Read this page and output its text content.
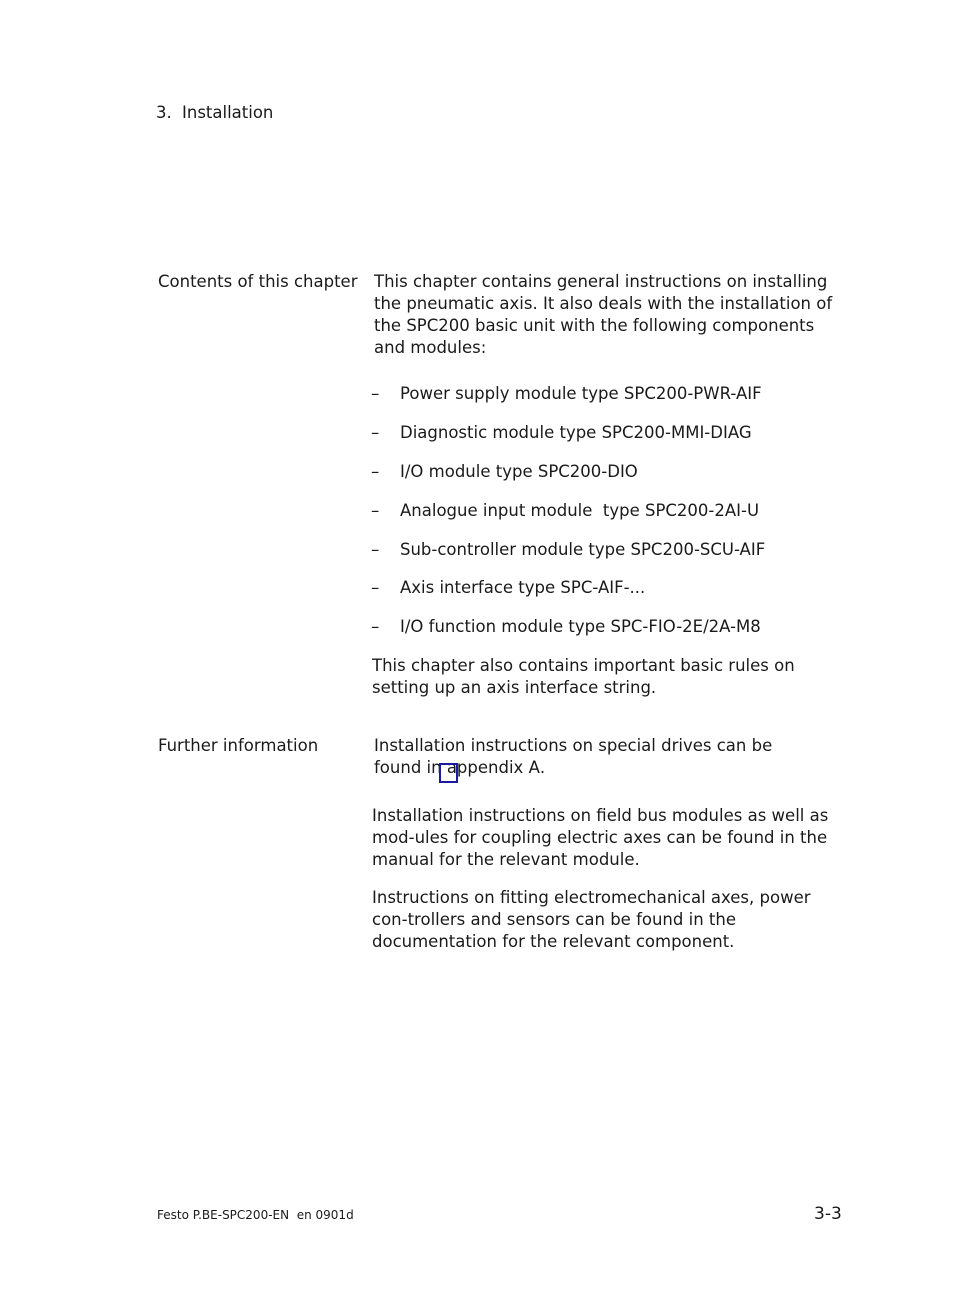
3. Installation
Contents of this chapter This chapter contains general instructions on installing the pneumatic axis. It also deals with the installation of the SPC200 basic unit with the following components and modules:

– Power supply module type SPC200-PWR-AIF
– Diagnostic module type SPC200-MMI-DIAG
– I/O module type SPC200-DIO
– Analogue input module  type SPC200-2AI-U
– Sub-controller module type SPC200-SCU-AIF
– Axis interface type SPC-AIF-...
– I/O function module type SPC-FIO-2E/2A-M8

This chapter also contains important basic rules on setting up an axis interface string.

Further information	Installation instructions on special drives can be found in appendix A.

Installation instructions on field bus modules as well as mod-ules for coupling electric axes can be found in the manual for the relevant module.

Instructions on fitting electromechanical axes, power con-trollers and sensors can be found in the documentation for the relevant component.

Festo P.BE-SPC200-EN  en 0901d	3-3
